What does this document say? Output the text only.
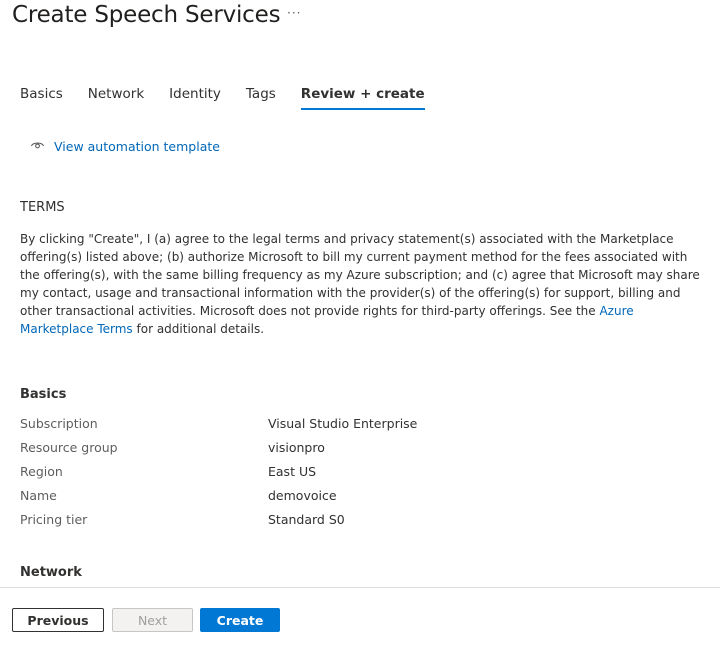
Create Speech Services ···
Basics Network Identity Tags Review + create
View automation template
TERMS

By clicking "Create", I (a) agree to the legal terms and privacy statement(s) associated with the Marketplace offering(s) listed above; (b) authorize Microsoft to bill my current payment method for the fees associated with the offering(s), with the same billing frequency as my Azure subscription; and (c) agree that Microsoft may share my contact, usage and transactional information with the provider(s) of the offering(s) for support, billing and other transactional activities. Microsoft does not provide rights for third-party offerings. See the Azure Marketplace Terms for additional details.

Basics
Subscription	Visual Studio Enterprise
Resource group	visionpro
Region	East US
Name	demovoice
Pricing tier	Standard S0
Network
Previous	Next	Create
